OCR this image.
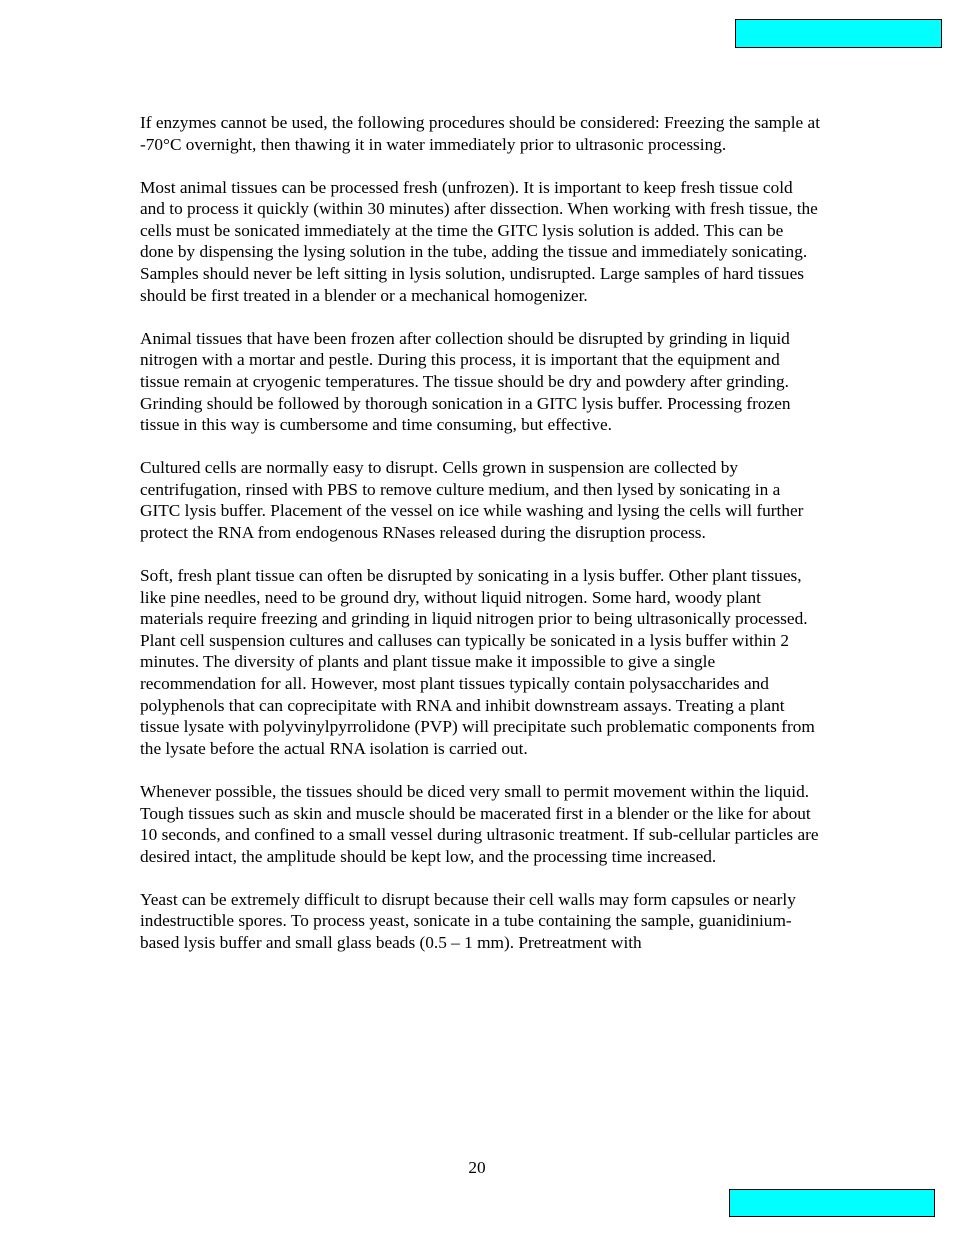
If enzymes cannot be used, the following procedures should be considered: Freezing the sample at -70°C overnight, then thawing it in water immediately prior to ultrasonic processing.

Most animal tissues can be processed fresh (unfrozen). It is important to keep fresh tissue cold and to process it quickly (within 30 minutes) after dissection. When working with fresh tissue, the cells must be sonicated immediately at the time the GITC lysis solution is added. This can be done by dispensing the lysing solution in the tube, adding the tissue and immediately sonicating. Samples should never be left sitting in lysis solution, undisrupted. Large samples of hard tissues should be first treated in a blender or a mechanical homogenizer.

Animal tissues that have been frozen after collection should be disrupted by grinding in liquid nitrogen with a mortar and pestle. During this process, it is important that the equipment and tissue remain at cryogenic temperatures. The tissue should be dry and powdery after grinding. Grinding should be followed by thorough sonication in a GITC lysis buffer. Processing frozen tissue in this way is cumbersome and time consuming, but effective.

Cultured cells are normally easy to disrupt. Cells grown in suspension are collected by centrifugation, rinsed with PBS to remove culture medium, and then lysed by sonicating in a GITC lysis buffer. Placement of the vessel on ice while washing and lysing the cells will further protect the RNA from endogenous RNases released during the disruption process.

Soft, fresh plant tissue can often be disrupted by sonicating in a lysis buffer. Other plant tissues, like pine needles, need to be ground dry, without liquid nitrogen. Some hard, woody plant materials require freezing and grinding in liquid nitrogen prior to being ultrasonically processed. Plant cell suspension cultures and calluses can typically be sonicated in a lysis buffer within 2 minutes. The diversity of plants and plant tissue make it impossible to give a single recommendation for all. However, most plant tissues typically contain polysaccharides and polyphenols that can coprecipitate with RNA and inhibit downstream assays. Treating a plant tissue lysate with polyvinylpyrrolidone (PVP) will precipitate such problematic components from the lysate before the actual RNA isolation is carried out.

Whenever possible, the tissues should be diced very small to permit movement within the liquid. Tough tissues such as skin and muscle should be macerated first in a blender or the like for about 10 seconds, and confined to a small vessel during ultrasonic treatment. If sub-cellular particles are desired intact, the amplitude should be kept low, and the processing time increased.

Yeast can be extremely difficult to disrupt because their cell walls may form capsules or nearly indestructible spores. To process yeast, sonicate in a tube containing the sample, guanidinium-based lysis buffer and small glass beads (0.5 – 1 mm). Pretreatment with

20
